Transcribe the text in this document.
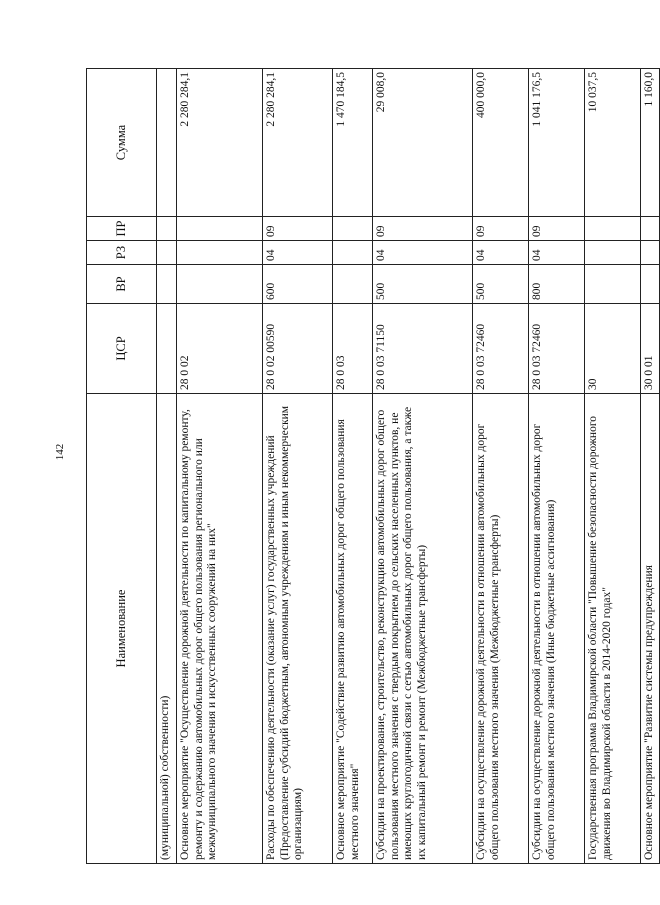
142
Наименование	ЦСР	ВР	РЗ	ПР	Сумма
(муниципальной) собственности)					
Основное мероприятие "Осуществление дорожной деятельности по капитальному ремонту, ремонту и содержанию автомобильных дорог общего пользования регионального или межмуниципального значения и искусственных сооружений на них"	28 0 02				2 280 284,1
Расходы по обеспечению деятельности (оказание услуг) государственных учреждений (Предоставление субсидий бюджетным, автономным учреждениям и иным некоммерческим организациям)	28 0 02 00590	600	04	09	2 280 284,1
Основное мероприятие "Содействие развитию автомобильных дорог общего пользования местного значения"	28 0 03				1 470 184,5
Субсидии на проектирование, строительство, реконструкцию автомобильных дорог общего пользования местного значения с твердым покрытием до сельских населенных пунктов, не имеющих круглогодичной связи с сетью автомобильных дорог общего пользования, а также их капитальный ремонт и ремонт (Межбюджетные трансферты)	28 0 03 71150	500	04	09	29 008,0
Субсидии на осуществление дорожной деятельности в отношении автомобильных дорог общего пользования местного значения (Межбюджетные трансферты)	28 0 03 72460	500	04	09	400 000,0
Субсидии на осуществление дорожной деятельности в отношении автомобильных дорог общего пользования местного значения (Иные бюджетные ассигнования)	28 0 03 72460	800	04	09	1 041 176,5
Государственная программа Владимирской области "Повышение безопасности дорожного движения во Владимирской области в 2014-2020 годах"	30				10 037,5
Основное мероприятие "Развитие системы предупреждения	30 0 01				1 160,0
